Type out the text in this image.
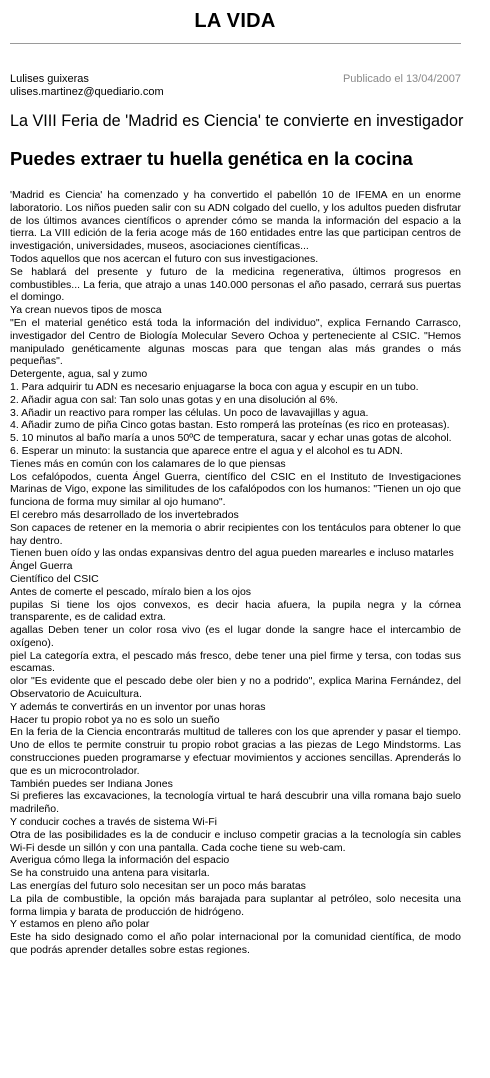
LA VIDA
Lulises guixeras
ulises.martinez@quediario.com
Publicado el 13/04/2007
La VIII Feria de 'Madrid es Ciencia' te convierte en investigador
Puedes extraer tu huella genética en la cocina

'Madrid es Ciencia' ha comenzado y ha convertido el pabellón 10 de IFEMA en un enorme laboratorio. Los niños pueden salir con su ADN colgado del cuello, y los adultos pueden disfrutar de los últimos avances científicos o aprender cómo se manda la información del espacio a la tierra. La VIII edición de la feria acoge más de 160 entidades entre las que participan centros de investigación, universidades, museos, asociaciones científicas...

Todos aquellos que nos acercan el futuro con sus investigaciones.

Se hablará del presente y futuro de la medicina regenerativa, últimos progresos en combustibles... La feria, que atrajo a unas 140.000 personas el año pasado, cerrará sus puertas el domingo.

Ya crean nuevos tipos de mosca

"En el material genético está toda la información del individuo", explica Fernando Carrasco, investigador del Centro de Biología Molecular Severo Ochoa y perteneciente al CSIC. "Hemos manipulado genéticamente algunas moscas para que tengan alas más grandes o más pequeñas".

Detergente, agua, sal y zumo

1. Para adquirir tu ADN es necesario enjuagarse la boca con agua y escupir en un tubo.

2. Añadir agua con sal: Tan solo unas gotas y en una disolución al 6%.

3. Añadir un reactivo para romper las células. Un poco de lavavajillas y agua.

4. Añadir zumo de piña Cinco gotas bastan. Esto romperá las proteínas (es rico en proteasas).

5. 10 minutos al baño maría a unos 50ºC de temperatura, sacar y echar unas gotas de alcohol.

6. Esperar un minuto: la sustancia que aparece entre el agua y el alcohol es tu ADN.

Tienes más en común con los calamares de lo que piensas

Los cefalópodos, cuenta Ángel Guerra, científico del CSIC en el Instituto de Investigaciones Marinas de Vigo, expone las similitudes de los cafalópodos con los humanos: "Tienen un ojo que funciona de forma muy similar al ojo humano".

El cerebro más desarrollado de los invertebrados

Son capaces de retener en la memoria o abrir recipientes con los tentáculos para obtener lo que hay dentro.

Tienen buen oído y las ondas expansivas dentro del agua pueden marearles e incluso matarles

Ángel Guerra

Científico del CSIC

Antes de comerte el pescado, míralo bien a los ojos

pupilas Si tiene los ojos convexos, es decir hacia afuera, la pupila negra y la córnea transparente, es de calidad extra.

agallas Deben tener un color rosa vivo (es el lugar donde la sangre hace el intercambio de oxígeno).

piel La categoría extra, el pescado más fresco, debe tener una piel firme y tersa, con todas sus escamas.

olor "Es evidente que el pescado debe oler bien y no a podrido", explica Marina Fernández, del Observatorio de Acuicultura.

Y además te convertirás en un inventor por unas horas

Hacer tu propio robot ya no es solo un sueño

En la feria de la Ciencia encontrarás multitud de talleres con los que aprender y pasar el tiempo. Uno de ellos te permite construir tu propio robot gracias a las piezas de Lego Mindstorms. Las construcciones pueden programarse y efectuar movimientos y acciones sencillas. Aprenderás lo que es un microcontrolador.

También puedes ser Indiana Jones

Si prefieres las excavaciones, la tecnología virtual te hará descubrir una villa romana bajo suelo madrileño.

Y conducir coches a través de sistema Wi-Fi

Otra de las posibilidades es la de conducir e incluso competir gracias a la tecnología sin cables Wi-Fi desde un sillón y con una pantalla. Cada coche tiene su web-cam.

Averigua cómo llega la información del espacio

Se ha construido una antena para visitarla.

Las energías del futuro solo necesitan ser un poco más baratas

La pila de combustible, la opción más barajada para suplantar al petróleo, solo necesita una forma limpia y barata de producción de hidrógeno.

Y estamos en pleno año polar

Este ha sido designado como el año polar internacional por la comunidad científica, de modo que podrás aprender detalles sobre estas regiones.
